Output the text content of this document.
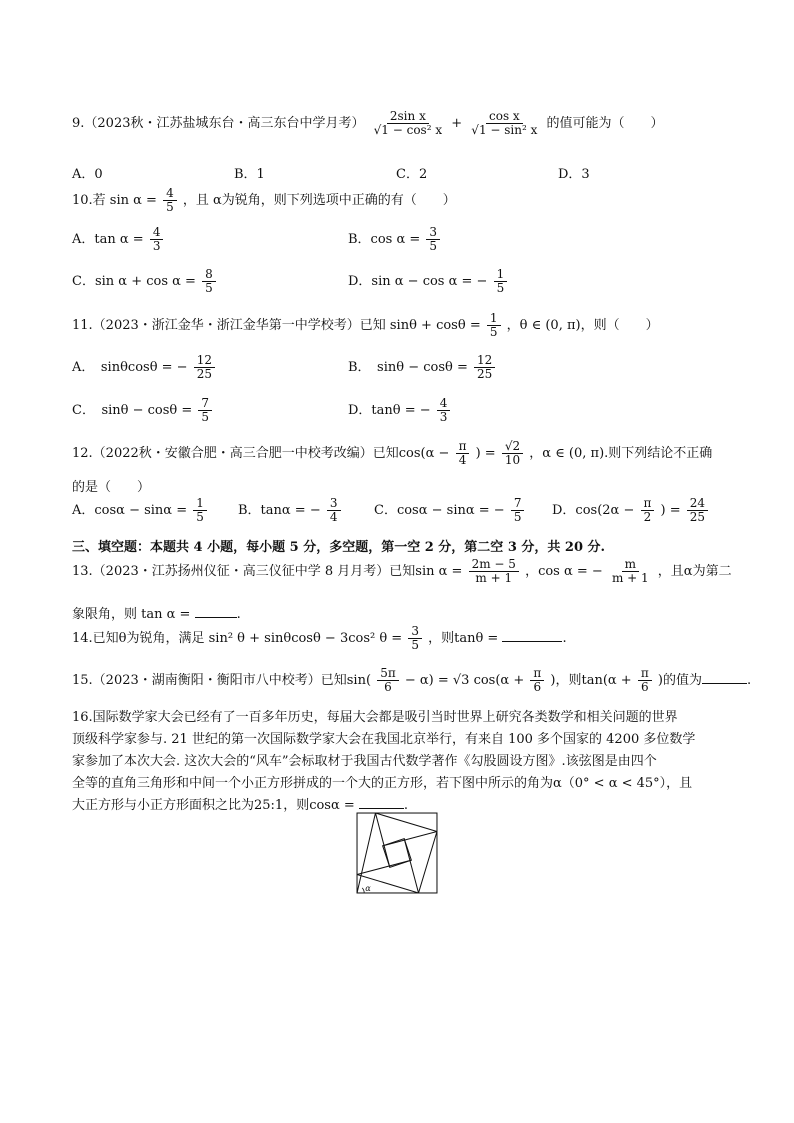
9.（2023秋・江苏盐城东台・高三东台中学月考） $\frac{\text{2sin x}}{\text{√1 − cos² x}} + \frac{\text{cos x}}{\text{√1 − sin² x}}$ 的值可能为（　　）
A．0	B．1	C．2	D．3
10.若 $\sin \alpha = \frac{4}{5}$ ，且 α为锐角，则下列选项中正确的有（　　）
A．$\tan \alpha = \frac{4}{3}$	B．$\cos \alpha = \frac{3}{5}$
C．$\sin \alpha + \cos \alpha = \frac{8}{5}$	D．sin α − cos α = − $\frac{1}{5}$
11.（2023・浙江金华・浙江金华第一中学校考）已知 $\sin\theta + \cos\theta = \frac{1}{5}$ ，θ ∈ (0, π)，则（　　）
A．　sinθcosθ = − $\frac{12}{25}$	B．　$\sin\theta - \cos\theta = \frac{12}{25}$
C．　$\sin\theta - \cos\theta = \frac{7}{5}$	D．tanθ = − $\frac{4}{3}$
12.（2022秋・安徽合肥・高三合肥一中校考改编）已知$\cos(\alpha - \frac{\pi}{4}$ ) = $\frac{√2}{10}$ ，α ∈ (0, π).则下列结论不正确
的是（　　）
A．$\cos\alpha - \sin\alpha = \frac{1}{5}$ B．tanα = − $\frac{3}{4}$	C．cosα − sinα = − $\frac{7}{5}$ D．$\cos(2\alpha - \frac{\pi}{2}$ ) = $\frac{24}{25}$
三、填空题：本题共 4 小题，每小题 5 分，多空题，第一空 2 分，第二空 3 分，共 20 分.
13.（2023・江苏扬州仪征・高三仪征中学 8 月月考）已知$\sin \alpha = \frac{2m - 5}{m + 1}$ ，cos α = − $\frac{m}{m + 1}$ ，且α为第二
象限角，则 tan α =	.
14.已知θ为锐角，满足 sin² θ + sinθcosθ − 3cos² $\theta = \frac{3}{5}$ ，则tanθ =	.
15.（2023・湖南衡阳・衡阳市八中校考）已知$\sin( \frac{5\pi}{6} - \alpha) = √3$ $\cos(\alpha + \frac{\pi}{6}$ )，则$\tan(\alpha + \frac{\pi}{6}$ )的值为	.
16.国际数学家大会已经有了一百多年历史，每届大会都是吸引当时世界上研究各类数学和相关问题的世界
顶级科学家参与. 21 世纪的第一次国际数学家大会在我国北京举行，有来自 100 多个国家的 4200 多位数学
家参加了本次大会. 这次大会的“风车”会标取材于我国古代数学著作《勾股圆设方图》.该弦图是由四个
全等的直角三角形和中间一个小正方形拼成的一个大的正方形，若下图中所示的角为α（0° < α < 45°），且
大正方形与小正方形面积之比为25:1，则cosα =	.
α
